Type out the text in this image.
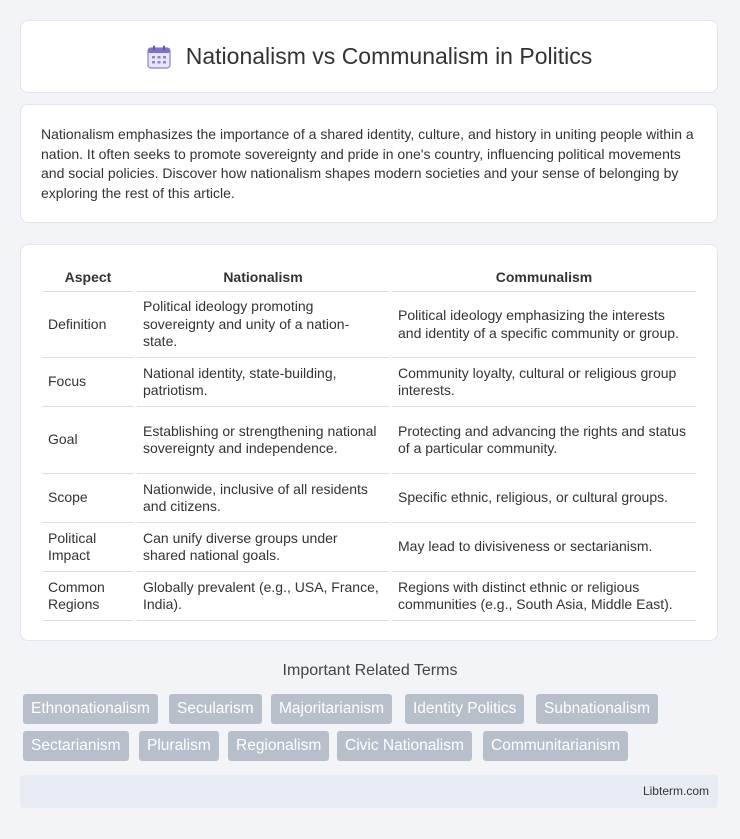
Nationalism vs Communalism in Politics

Nationalism emphasizes the importance of a shared identity, culture, and history in uniting people within a nation. It often seeks to promote sovereignty and pride in one's country, influencing political movements and social policies. Discover how nationalism shapes modern societies and your sense of belonging by exploring the rest of this article.

Aspect	Nationalism	Communalism
Definition	Political ideology promoting sovereignty and unity of a nation-state.	Political ideology emphasizing the interests and identity of a specific community or group.
Focus	National identity, state-building, patriotism.	Community loyalty, cultural or religious group interests.
Goal	Establishing or strengthening national sovereignty and independence.	Protecting and advancing the rights and status of a particular community.
Scope	Nationwide, inclusive of all residents and citizens.	Specific ethnic, religious, or cultural groups.
Political Impact	Can unify diverse groups under shared national goals.	May lead to divisiveness or sectarianism.
Common Regions	Globally prevalent (e.g., USA, France, India).	Regions with distinct ethnic or religious communities (e.g., South Asia, Middle East).
Important Related Terms
Ethnonationalism	Secularism	Majoritarianism	Identity Politics	Subnationalism
Sectarianism	Pluralism	Regionalism	Civic Nationalism	Communitarianism
Libterm.com
